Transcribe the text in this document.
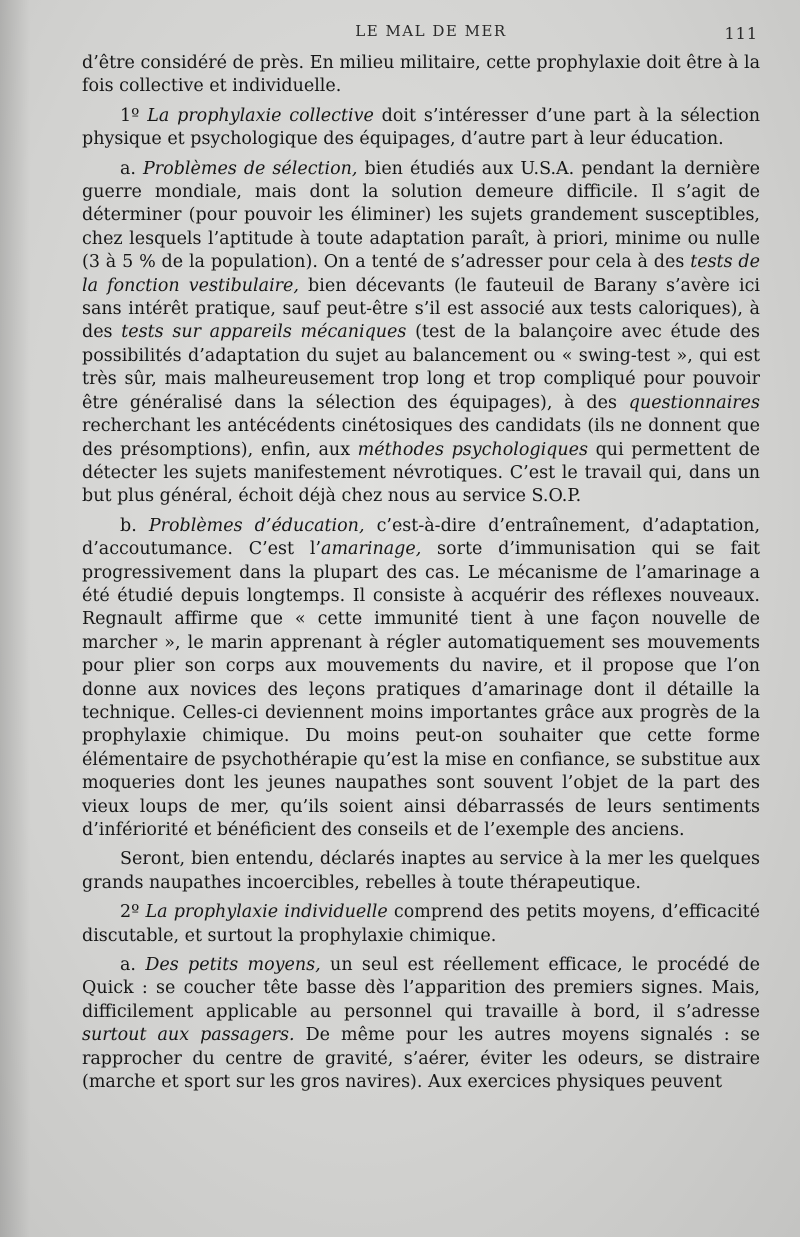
LE MAL DE MER	111

d’être considéré de près. En milieu militaire, cette prophylaxie doit être à la fois collective et individuelle.

1º La prophylaxie collective doit s’intéresser d’une part à la sélection physique et psychologique des équipages, d’autre part à leur éducation.

a. Problèmes de sélection, bien étudiés aux U.S.A. pendant la dernière guerre mondiale, mais dont la solution demeure difficile. Il s’agit de déterminer (pour pouvoir les éliminer) les sujets grandement susceptibles, chez lesquels l’aptitude à toute adaptation paraît, à priori, minime ou nulle (3 à 5 % de la population). On a tenté de s’adresser pour cela à des tests de la fonction vestibulaire, bien décevants (le fauteuil de Barany s’avère ici sans intérêt pratique, sauf peut-être s’il est associé aux tests caloriques), à des tests sur appareils mécaniques (test de la balançoire avec étude des possibilités d’adaptation du sujet au balancement ou « swing-test », qui est très sûr, mais malheureusement trop long et trop compliqué pour pouvoir être généralisé dans la sélection des équipages), à des questionnaires recherchant les antécédents cinétosiques des candidats (ils ne donnent que des présomptions), enfin, aux méthodes psychologiques qui permettent de détecter les sujets manifestement névrotiques. C’est le travail qui, dans un but plus général, échoit déjà chez nous au service S.O.P.

b. Problèmes d’éducation, c’est-à-dire d’entraînement, d’adaptation, d’accoutumance. C’est l’amarinage, sorte d’immunisation qui se fait progressivement dans la plupart des cas. Le mécanisme de l’amarinage a été étudié depuis longtemps. Il consiste à acquérir des réflexes nouveaux. Regnault affirme que « cette immunité tient à une façon nouvelle de marcher », le marin apprenant à régler automatiquement ses mouvements pour plier son corps aux mouvements du navire, et il propose que l’on donne aux novices des leçons pratiques d’amarinage dont il détaille la technique. Celles-ci deviennent moins importantes grâce aux progrès de la prophylaxie chimique. Du moins peut-on souhaiter que cette forme élémentaire de psychothérapie qu’est la mise en confiance, se substitue aux moqueries dont les jeunes naupathes sont souvent l’objet de la part des vieux loups de mer, qu’ils soient ainsi débarrassés de leurs sentiments d’infériorité et bénéficient des conseils et de l’exemple des anciens.

Seront, bien entendu, déclarés inaptes au service à la mer les quelques grands naupathes incoercibles, rebelles à toute thérapeutique.

2º La prophylaxie individuelle comprend des petits moyens, d’efficacité discutable, et surtout la prophylaxie chimique.

a. Des petits moyens, un seul est réellement efficace, le procédé de Quick : se coucher tête basse dès l’apparition des premiers signes. Mais, difficilement applicable au personnel qui travaille à bord, il s’adresse surtout aux passagers. De même pour les autres moyens signalés : se rapprocher du centre de gravité, s’aérer, éviter les odeurs, se distraire (marche et sport sur les gros navires). Aux exercices physiques peuvent
